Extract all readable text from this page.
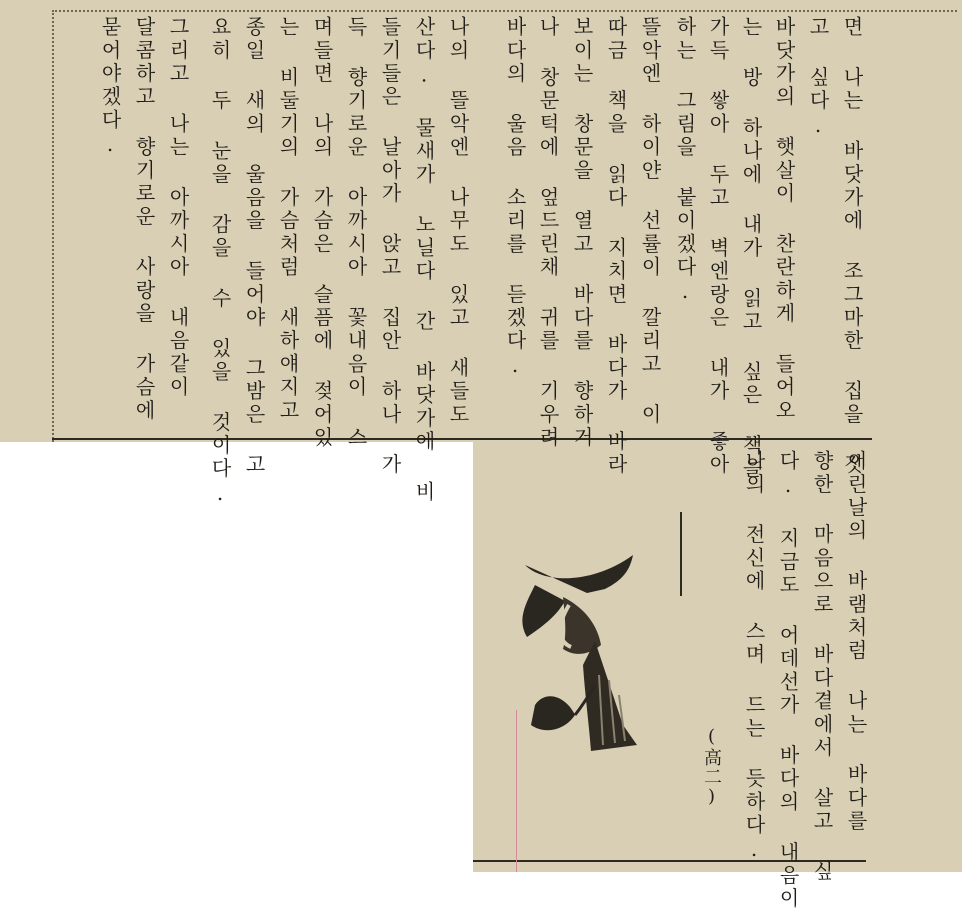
면 나는 바닷가에 조그마한 집을 짓
고 싶다.
바닷가의 햇살이 찬란하게 들어오
는 방 하나에 내가 읽고 싶은 책을
가득 쌓아 두고 벽엔랑은 내가 좋아
하는 그림을 붙이겠다.
뜰악엔 하이얀 선률이 깔리고 이
따금 책을 읽다 지치면 바다가 바라
보이는 창문을 열고 바다를 향하거
나 창문턱에 엎드린채 귀를 기우려
바다의 울음 소리를 듣겠다.
나의 뜰악엔 나무도 있고 새들도
산다. 물새가 노닐다 간 바닷가에 비
들기들은 날아가 앉고 집안 하나 가
득 향기로운 아까시아 꽃내음이 스
며들면 나의 가슴은 슬픔에 젖어있
는 비둘기의 가슴처럼 새하얘지고
종일 새의 울음을 들어야 그밤은 고
요히 두 눈을 감을 수 있을 것이다.
그리고 나는 아까시아 내음같이
달콤하고 향기로운 사랑을 가슴에
묻어야겠다.
어린날의 바램처럼 나는 바다를
향한 마음으로 바다곁에서 살고 싶
다. 지금도 어데선가 바다의 내음이
나의 전신에 스며 드는 듯하다.
(高二)
